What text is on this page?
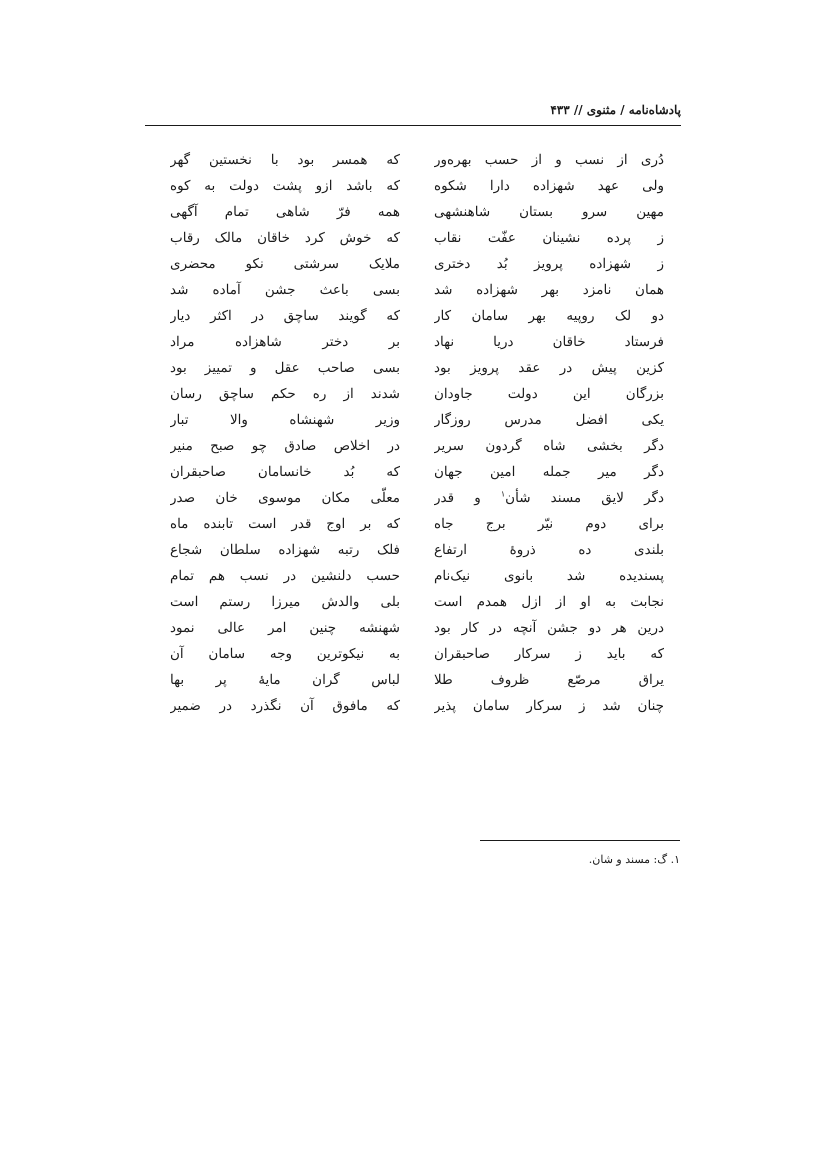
پادشاه‌نامه / مثنوی // ۴۳۳
دُری از نسب و از حسب بهره‌ور
ولی عهد شهزاده دارا شکوه
مهین سرو بستان شاهنشهی
ز پرده نشینان عفّت نقاب
ز شهزاده پرویز بُد دختری
همان نامزد بهر شهزاده شد
دو لک روپیه بهر سامان کار
فرستاد خاقان دریا نهاد
کزین پیش در عقد پرویز بود
بزرگان این دولت جاودان
یکی افضل مدرس روزگار
دگر بخشی شاه گردون سریر
دگر میر جمله امین جهان
دگر لایق مسند شأن$^۱$ و قدر
برای دوم نیّر برج جاه
بلندی ده ذروهٔ ارتفاع
پسندیده شد بانوی نیک‌نام
نجابت به او از ازل همدم است
درین هر دو جشن آنچه در کار بود
که باید ز سرکار صاحبقران
یراق مرصّع ظروف طلا
چنان شد ز سرکار سامان پذیر
که همسر بود با نخستین گهر
که باشد ازو پشت دولت به کوه
همه فرّ شاهی تمام آگهی
که خوش کرد خاقان مالک رقاب
ملایک سرشتی نکو محضری
بسی باعث جشن آماده شد
که گویند ساچق در اکثر دیار
بر دختر شاهزاده مراد
بسی صاحب عقل و تمییز بود
شدند از ره حکم ساچق رسان
وزیر شهنشاه والا تبار
در اخلاص صادق چو صبح منیر
که بُد خانسامان صاحبقران
معلّی مکان موسوی خان صدر
که بر اوج قدر است تابنده ماه
فلک رتبه شهزاده سلطان شجاع
حسب دلنشین در نسب هم تمام
بلی والدش میرزا رستم است
شهنشه چنین امر عالی نمود
به نیکوترین وجه سامان آن
لباس گران مایهٔ پر بها
که مافوق آن نگذرد در ضمیر
۱. گ: مسند و شان.
